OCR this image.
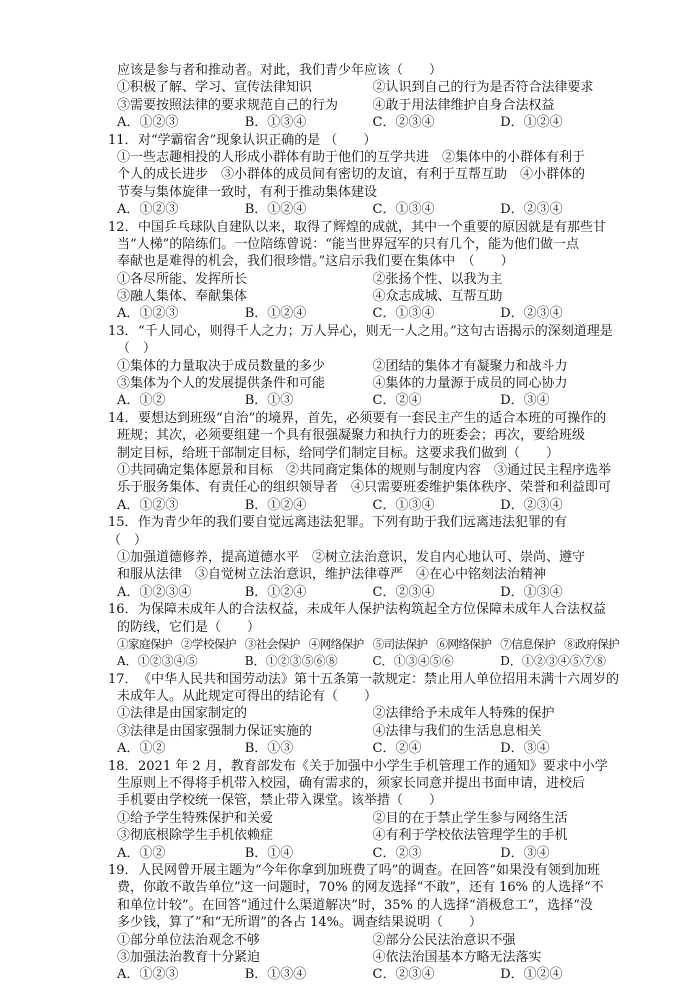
应该是参与者和推动者。对此，我们青少年应该（　　）
①积极了解、学习、宣传法律知识	②认识到自己的行为是否符合法律要求
③需要按照法律的要求规范自己的行为	④敢于用法律维护自身合法权益
A．①②③	B．①③④	C．②③④	D．①②④
11． 对“学霸宿舍”现象认识正确的是 （　　）
①一些志趣相投的人形成小群体有助于他们的互学共进　②集体中的小群体有利于
个人的成长进步　③小群体的成员间有密切的友谊，有利于互帮互助　④小群体的
节奏与集体旋律一致时，有利于推动集体建设
A．①②③	B．①②④	C．①③④	D．②③④
12． 中国乒乓球队自建队以来，取得了辉煌的成就，其中一个重要的原因就是有那些甘
当“人梯”的陪练们。一位陪练曾说：“能当世界冠军的只有几个，能为他们做一点
奉献也是难得的机会，我们很珍惜。”这启示我们要在集体中　（　　）
①各尽所能、发挥所长	②张扬个性、以我为主
③融人集体、奉献集体	④众志成城、互帮互助
A．①②③	B．①②④	C．①③④	D．②③④
13． “千人同心，则得千人之力；万人异心，则无一人之用。”这句古语揭示的深刻道理是
（　）
①集体的力量取决于成员数量的多少	②团结的集体才有凝聚力和战斗力
③集体为个人的发展提供条件和可能	④集体的力量源于成员的同心协力
A．①②	B．①③	C．②④	D．③④
14． 要想达到班级“自治”的境界，首先，必须要有一套民主产生的适合本班的可操作的
班规；其次，必须要组建一个具有很强凝聚力和执行力的班委会；再次，要给班级
制定目标，给班干部制定目标，给同学们制定目标。这要求我们做到（　　）
①共同确定集体愿景和目标　②共同商定集体的规则与制度内容　③通过民主程序选举
乐于服务集体、有责任心的组织领导者　④只需要班委维护集体秩序、荣誉和利益即可
A．①②③	B．①②④	C．①③④	D．②③④
15． 作为青少年的我们要自觉远离违法犯罪。下列有助于我们远离违法犯罪的有
（　）
①加强道德修养，提高道德水平　②树立法治意识，发自内心地认可、崇尚、遵守
和服从法律　③自觉树立法治意识，维护法律尊严　④在心中铭刻法治精神
A．①②③④	B．①②④	C．②③④	D．①③④
16． 为保障未成年人的合法权益，未成年人保护法构筑起全方位保障未成年人合法权益
的防线，它们是（　　）
①家庭保护 ②学校保护 ③社会保护 ④网络保护 ⑤司法保护 ⑥网络保护 ⑦信息保护 ⑧政府保护
A．①②③④⑤	B．①②③⑤⑥⑧	C．①③④⑤⑥	D．①②③④⑤⑦⑧
17． 《中华人民共和国劳动法》第十五条第一款规定：禁止用人单位招用未满十六周岁的
未成年人。从此规定可得出的结论有（　　）
①法律是由国家制定的	②法律给予未成年人特殊的保护
③法律是由国家强制力保证实施的	④法律与我们的生活息息相关
A．①②	B．①③	C．②④	D．③④
18． 2021 年 2 月，教育部发布《关于加强中小学生手机管理工作的通知》要求中小学
生原则上不得将手机带入校园，确有需求的，须家长同意并提出书面申请，进校后
手机要由学校统一保管，禁止带入课堂。该举措（　　）
①给予学生特殊保护和关爱	②目的在于禁止学生参与网络生活
③彻底根除学生手机依赖症	④有利于学校依法管理学生的手机
A．①②	B．①④	C．②③	D．③④
19． 人民网曾开展主题为“今年你拿到加班费了吗”的调查。在回答“如果没有领到加班
费，你敢不敢告单位”这一问题时，70% 的网友选择“不敢”，还有 16% 的人选择“不
和单位计较”。在回答“通过什么渠道解决”时，35% 的人选择“消极怠工”，选择“没
多少钱，算了”和“无所谓”的各占 14%。调查结果说明（　　）
①部分单位法治观念不够	②部分公民法治意识不强
③加强法治教育十分紧迫	④依法治国基本方略无法落实
A．①②③	B．①③④	C．②③④	D．①②④
